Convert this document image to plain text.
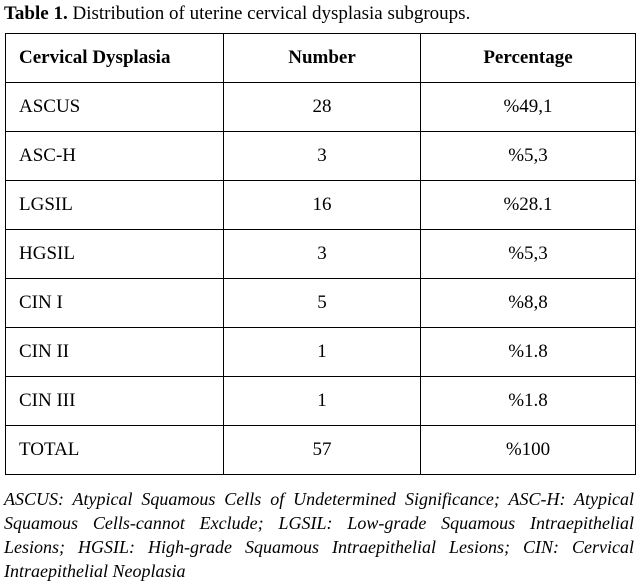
Table 1. Distribution of uterine cervical dysplasia subgroups.
Cervical Dysplasia	Number	Percentage
ASCUS	28	%49,1
ASC-H	3	%5,3
LGSIL	16	%28.1
HGSIL	3	%5,3
CIN I	5	%8,8
CIN II	1	%1.8
CIN III	1	%1.8
TOTAL	57	%100
ASCUS: Atypical Squamous Cells of Undetermined Significance; ASC-H: Atypical Squamous Cells-cannot Exclude; LGSIL: Low-grade Squamous Intraepithelial Lesions; HGSIL: High-grade Squamous Intraepithelial Lesions; CIN: Cervical Intraepithelial Neoplasia
